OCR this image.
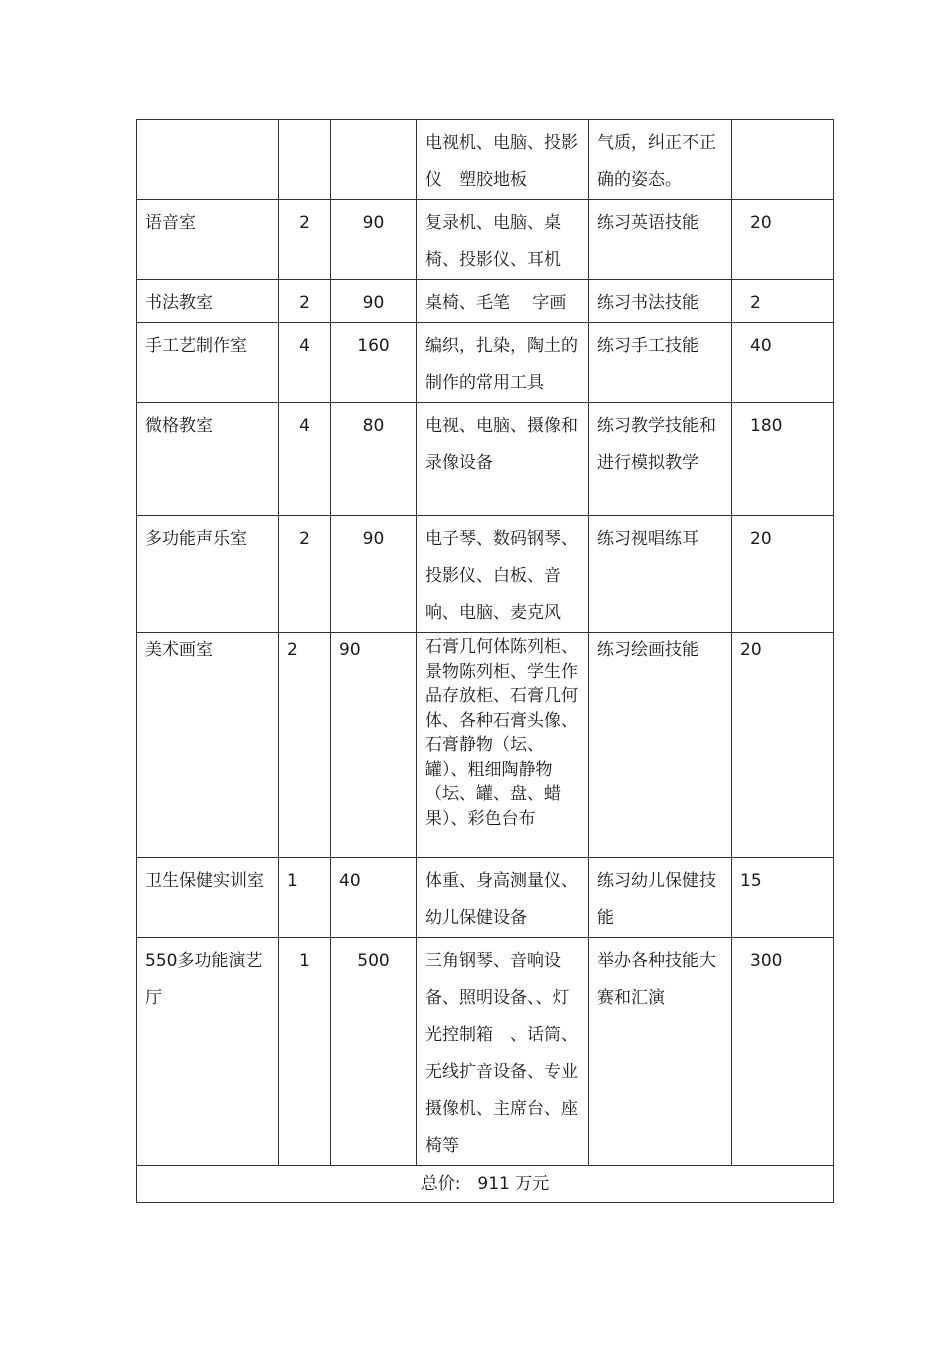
			电视机、电脑、投影仪　塑胶地板	气质，纠正不正确的姿态。	

语音室	2	90	复录机、电脑、桌椅、投影仪、耳机	练习英语技能	20

书法教室	2	90	桌椅、毛笔　 字画	练习书法技能	2

手工艺制作室	4	160	编织，扎染，陶土的制作的常用工具	练习手工技能	40

微格教室	4	80	电视、电脑、摄像和录像设备	练习教学技能和进行模拟教学	180

多功能声乐室	2	90	电子琴、数码钢琴、投影仪、白板、音响、电脑、麦克风	练习视唱练耳	20

美术画室	2	90	石膏几何体陈列柜、景物陈列柜、学生作品存放柜、石膏几何体、各种石膏头像、石膏静物（坛、罐）、粗细陶静物（坛、罐、盘、蜡果）、彩色台布	练习绘画技能	20

卫生保健实训室	1	40	体重、身高测量仪、幼儿保健设备	练习幼儿保健技能	15

550多功能演艺厅	1	500	三角钢琴、音响设备、照明设备、、灯光控制箱　、话筒、无线扩音设备、专业摄像机、主席台、座椅等	举办各种技能大赛和汇演	300

总价:　911 万元					
